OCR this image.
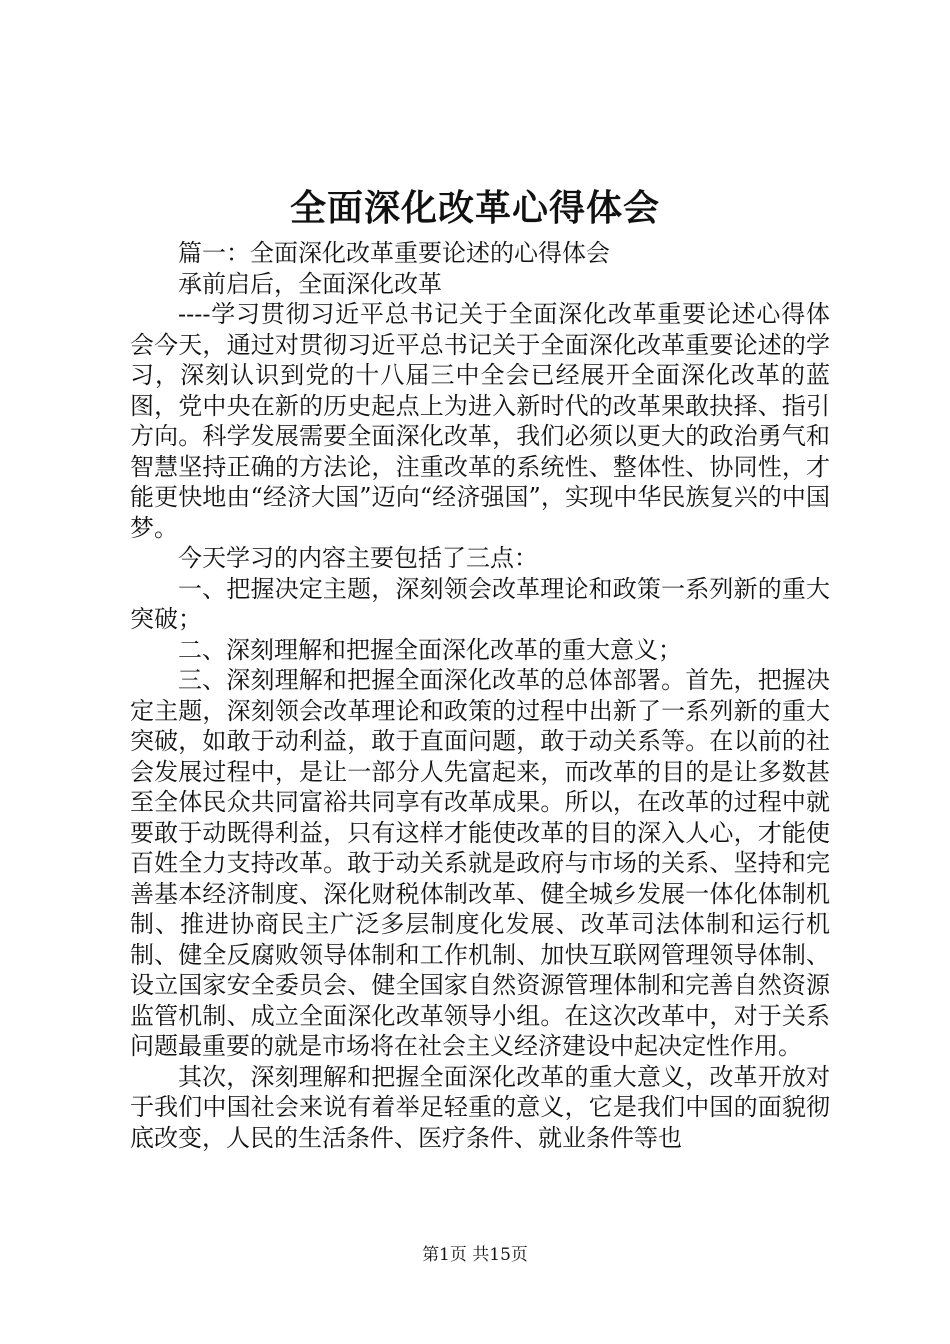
全面深化改革心得体会

篇一：全面深化改革重要论述的心得体会

承前启后，全面深化改革

----学习贯彻习近平总书记关于全面深化改革重要论述心得体会今天，通过对贯彻习近平总书记关于全面深化改革重要论述的学习，深刻认识到党的十八届三中全会已经展开全面深化改革的蓝图，党中央在新的历史起点上为进入新时代的改革果敢抉择、指引方向。科学发展需要全面深化改革，我们必须以更大的政治勇气和智慧坚持正确的方法论，注重改革的系统性、整体性、协同性，才能更快地由“经济大国”迈向“经济强国”，实现中华民族复兴的中国梦。

今天学习的内容主要包括了三点：

一、把握决定主题，深刻领会改革理论和政策一系列新的重大突破；

二、深刻理解和把握全面深化改革的重大意义；

三、深刻理解和把握全面深化改革的总体部署。首先，把握决定主题，深刻领会改革理论和政策的过程中出新了一系列新的重大突破，如敢于动利益，敢于直面问题，敢于动关系等。在以前的社会发展过程中，是让一部分人先富起来，而改革的目的是让多数甚至全体民众共同富裕共同享有改革成果。所以，在改革的过程中就要敢于动既得利益，只有这样才能使改革的目的深入人心，才能使百姓全力支持改革。敢于动关系就是政府与市场的关系、坚持和完善基本经济制度、深化财税体制改革、健全城乡发展一体化体制机制、推进协商民主广泛多层制度化发展、改革司法体制和运行机制、健全反腐败领导体制和工作机制、加快互联网管理领导体制、设立国家安全委员会、健全国家自然资源管理体制和完善自然资源监管机制、成立全面深化改革领导小组。在这次改革中，对于关系问题最重要的就是市场将在社会主义经济建设中起决定性作用。

其次，深刻理解和把握全面深化改革的重大意义，改革开放对于我们中国社会来说有着举足轻重的意义，它是我们中国的面貌彻底改变，人民的生活条件、医疗条件、就业条件等也

第1页 共15页
